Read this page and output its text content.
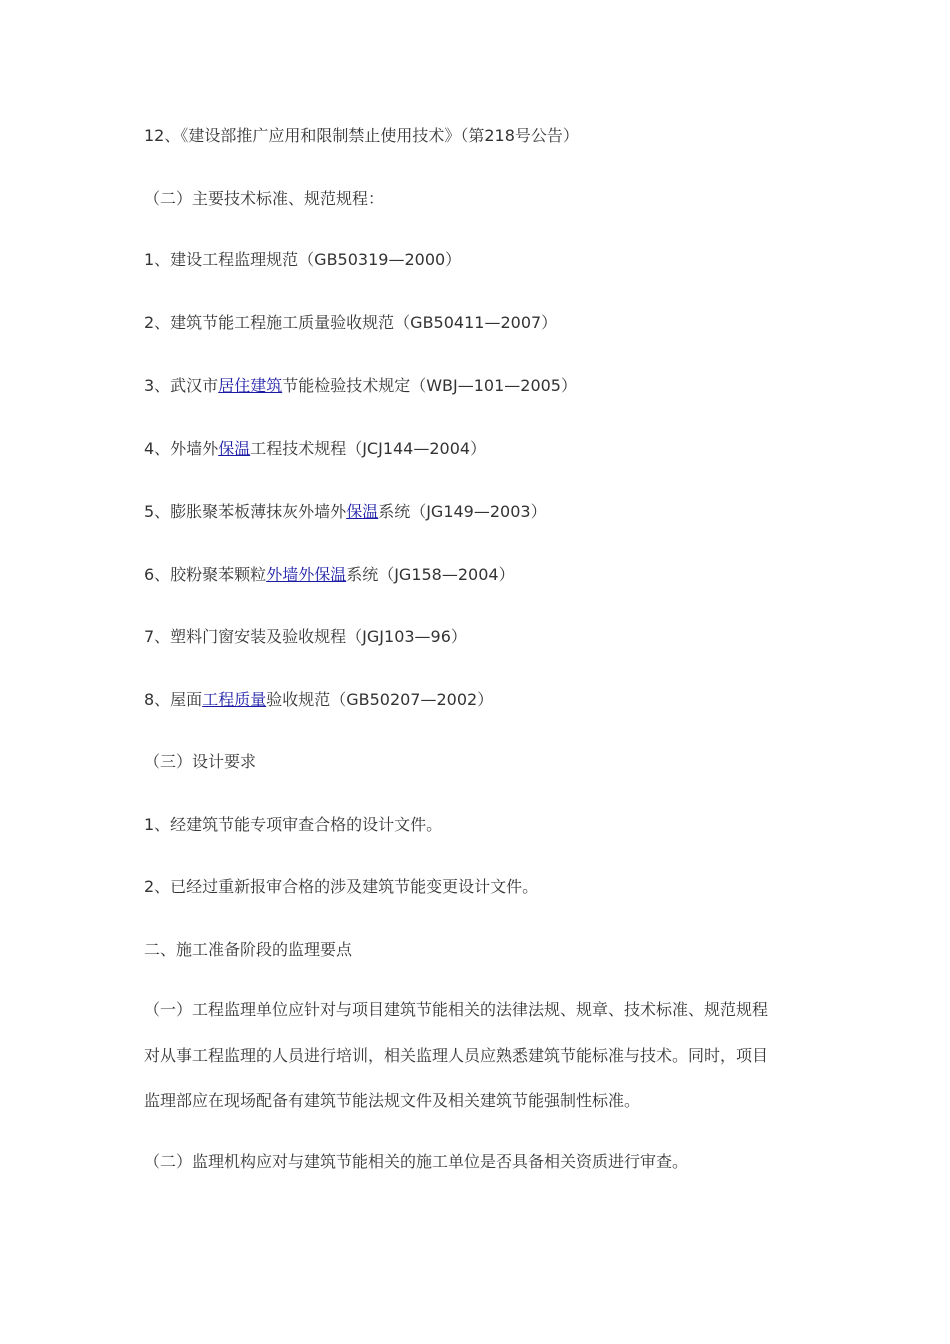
12、《建设部推广应用和限制禁止使用技术》（第218号公告）
（二）主要技术标准、规范规程：
1、建设工程监理规范（GB50319—2000）
2、建筑节能工程施工质量验收规范（GB50411—2007）
3、武汉市居住建筑节能检验技术规定（WBJ—101—2005）
4、外墙外保温工程技术规程（JCJ144—2004）
5、膨胀聚苯板薄抹灰外墙外保温系统（JG149—2003）
6、胶粉聚苯颗粒外墙外保温系统（JG158—2004）
7、塑料门窗安装及验收规程（JGJ103—96）
8、屋面工程质量验收规范（GB50207—2002）
（三）设计要求
1、经建筑节能专项审查合格的设计文件。
2、已经过重新报审合格的涉及建筑节能变更设计文件。
二、施工准备阶段的监理要点

（一）工程监理单位应针对与项目建筑节能相关的法律法规、规章、技术标准、规范规程

对从事工程监理的人员进行培训，相关监理人员应熟悉建筑节能标准与技术。同时，项目

监理部应在现场配备有建筑节能法规文件及相关建筑节能强制性标准。

（二）监理机构应对与建筑节能相关的施工单位是否具备相关资质进行审查。
